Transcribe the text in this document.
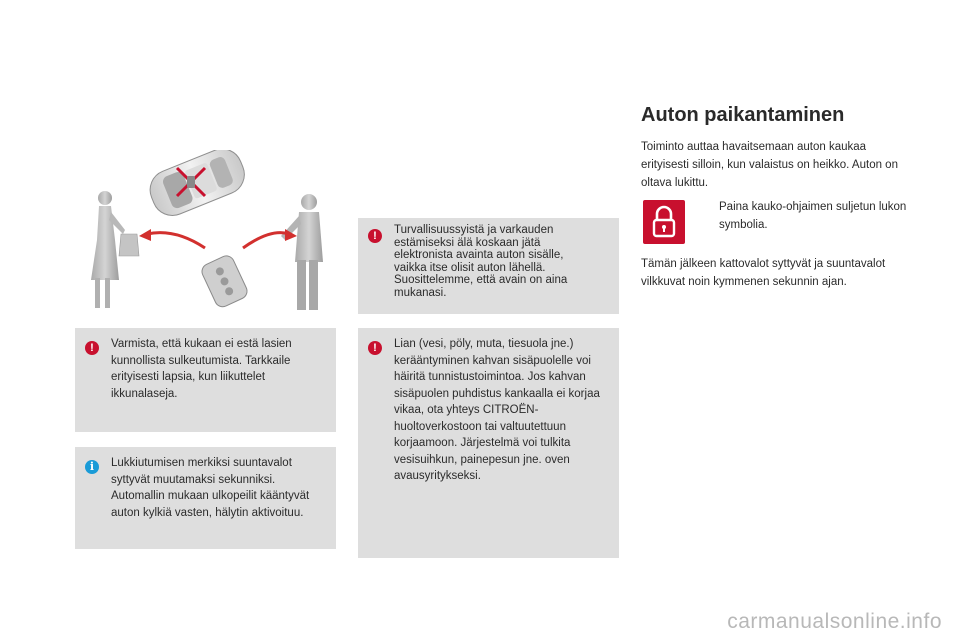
!	Turvallisuussyistä ja varkauden estämiseksi älä koskaan jätä elektronista avainta auton sisälle, vaikka itse olisit auton lähellä. Suosittelemme, että avain on aina mukanasi.
!	Varmista, että kukaan ei estä lasien kunnollista sulkeutumista. Tarkkaile erityisesti lapsia, kun liikuttelet ikkunalaseja.
!	Lian (vesi, pöly, muta, tiesuola jne.) kerääntyminen kahvan sisäpuolelle voi häiritä tunnistustoimintoa. Jos kahvan sisäpuolen puhdistus kankaalla ei korjaa vikaa, ota yhteys CITROËN-huoltoverkostoon tai valtuutettuun korjaamoon. Järjestelmä voi tulkita vesisuihkun, painepesun jne. oven avausyritykseksi.
i	Lukkiutumisen merkiksi suuntavalot syttyvät muutamaksi sekunniksi. Automallin mukaan ulkopeilit kääntyvät auton kylkiä vasten, hälytin aktivoituu.
Auton paikantaminen
Toiminto auttaa havaitsemaan auton kaukaa erityisesti silloin, kun valaistus on heikko. Auton on oltava lukittu.
Paina kauko-ohjaimen suljetun lukon symbolia.
Tämän jälkeen kattovalot syttyvät ja suuntavalot vilkkuvat noin kymmenen sekunnin ajan.
carmanualsonline.info
